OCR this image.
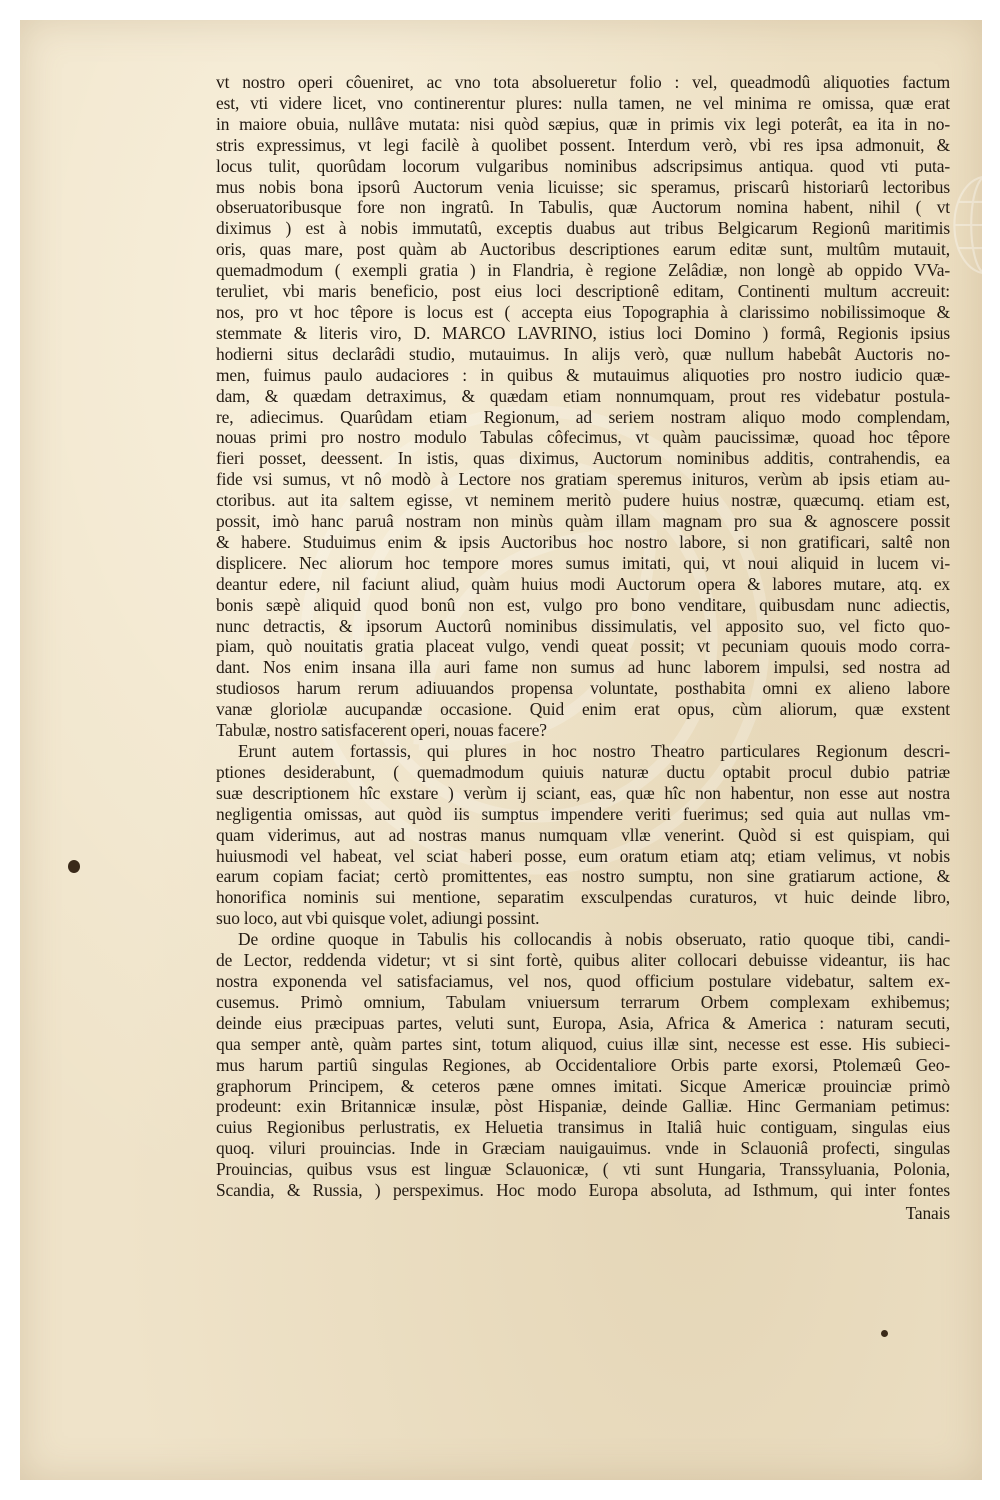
vt nostro operi côueniret, ac vno tota absolueretur folio : vel, queadmodû aliquoties factum
est, vti videre licet, vno continerentur plures: nulla tamen, ne vel minima re omissa, quæ erat
in maiore obuia, nullâve mutata: nisi quòd sæpius, quæ in primis vix legi poterât, ea ita in no-
stris expressimus, vt legi facilè à quolibet possent. Interdum verò, vbi res ipsa admonuit, &
locus tulit, quorûdam locorum vulgaribus nominibus adscripsimus antiqua. quod vti puta-
mus nobis bona ipsorû Auctorum venia licuisse; sic speramus, priscarû historiarû lectoribus
obseruatoribusque fore non ingratû. In Tabulis, quæ Auctorum nomina habent, nihil ( vt
diximus ) est à nobis immutatû, exceptis duabus aut tribus Belgicarum Regionû maritimis
oris, quas mare, post quàm ab Auctoribus descriptiones earum editæ sunt, multûm mutauit,
quemadmodum ( exempli gratia ) in Flandria, è regione Zelâdiæ, non longè ab oppido VVa-
teruliet, vbi maris beneficio, post eius loci descriptionê editam, Continenti multum accreuit:
nos, pro vt hoc têpore is locus est ( accepta eius Topographia à clarissimo nobilissimoque &
stemmate & literis viro, D. MARCO LAVRINO, istius loci Domino ) formâ, Regionis ipsius
hodierni situs declarâdi studio, mutauimus. In alijs verò, quæ nullum habebât Auctoris no-
men, fuimus paulo audaciores : in quibus & mutauimus aliquoties pro nostro iudicio quæ-
dam, & quædam detraximus, & quædam etiam nonnumquam, prout res videbatur postula-
re, adiecimus. Quarûdam etiam Regionum, ad seriem nostram aliquo modo complendam,
nouas primi pro nostro modulo Tabulas côfecimus, vt quàm paucissimæ, quoad hoc têpore
fieri posset, deessent. In istis, quas diximus, Auctorum nominibus additis, contrahendis, ea
fide vsi sumus, vt nô modò à Lectore nos gratiam speremus inituros, verùm ab ipsis etiam au-
ctoribus. aut ita saltem egisse, vt neminem meritò pudere huius nostræ, quæcumq. etiam est,
possit, imò hanc paruâ nostram non minùs quàm illam magnam pro sua & agnoscere possit
& habere. Studuimus enim & ipsis Auctoribus hoc nostro labore, si non gratificari, saltê non
displicere. Nec aliorum hoc tempore mores sumus imitati, qui, vt noui aliquid in lucem vi-
deantur edere, nil faciunt aliud, quàm huius modi Auctorum opera & labores mutare, atq. ex
bonis sæpè aliquid quod bonû non est, vulgo pro bono venditare, quibusdam nunc adiectis,
nunc detractis, & ipsorum Auctorû nominibus dissimulatis, vel apposito suo, vel ficto quo-
piam, quò nouitatis gratia placeat vulgo, vendi queat possit; vt pecuniam quouis modo corra-
dant. Nos enim insana illa auri fame non sumus ad hunc laborem impulsi, sed nostra ad
studiosos harum rerum adiuuandos propensa voluntate, posthabita omni ex alieno labore
vanæ gloriolæ aucupandæ occasione. Quid enim erat opus, cùm aliorum, quæ exstent
Tabulæ, nostro satisfacerent operi, nouas facere?
Erunt autem fortassis, qui plures in hoc nostro Theatro particulares Regionum descri-
ptiones desiderabunt, ( quemadmodum quiuis naturæ ductu optabit procul dubio patriæ
suæ descriptionem hîc exstare ) verùm ij sciant, eas, quæ hîc non habentur, non esse aut nostra
negligentia omissas, aut quòd iis sumptus impendere veriti fuerimus; sed quia aut nullas vm-
quam viderimus, aut ad nostras manus numquam vllæ venerint. Quòd si est quispiam, qui
huiusmodi vel habeat, vel sciat haberi posse, eum oratum etiam atq; etiam velimus, vt nobis
earum copiam faciat; certò promittentes, eas nostro sumptu, non sine gratiarum actione, &
honorifica nominis sui mentione, separatim exsculpendas curaturos, vt huic deinde libro,
suo loco, aut vbi quisque volet, adiungi possint.
De ordine quoque in Tabulis his collocandis à nobis obseruato, ratio quoque tibi, candi-
de Lector, reddenda videtur; vt si sint fortè, quibus aliter collocari debuisse videantur, iis hac
nostra exponenda vel satisfaciamus, vel nos, quod officium postulare videbatur, saltem ex-
cusemus. Primò omnium, Tabulam vniuersum terrarum Orbem complexam exhibemus;
deinde eius præcipuas partes, veluti sunt, Europa, Asia, Africa & America : naturam secuti,
qua semper antè, quàm partes sint, totum aliquod, cuius illæ sint, necesse est esse. His subieci-
mus harum partiû singulas Regiones, ab Occidentaliore Orbis parte exorsi, Ptolemæû Geo-
graphorum Principem, & ceteros pæne omnes imitati. Sicque Americæ prouinciæ primò
prodeunt: exin Britannicæ insulæ, pòst Hispaniæ, deinde Galliæ. Hinc Germaniam petimus:
cuius Regionibus perlustratis, ex Heluetia transimus in Italiâ huic contiguam, singulas eius
quoq. viluri prouincias. Inde in Græciam nauigauimus. vnde in Sclauoniâ profecti, singulas
Prouincias, quibus vsus est linguæ Sclauonicæ, ( vti sunt Hungaria, Transsyluania, Polonia,
Scandia, & Russia, ) perspeximus. Hoc modo Europa absoluta, ad Isthmum, qui inter fontes
Tanais
